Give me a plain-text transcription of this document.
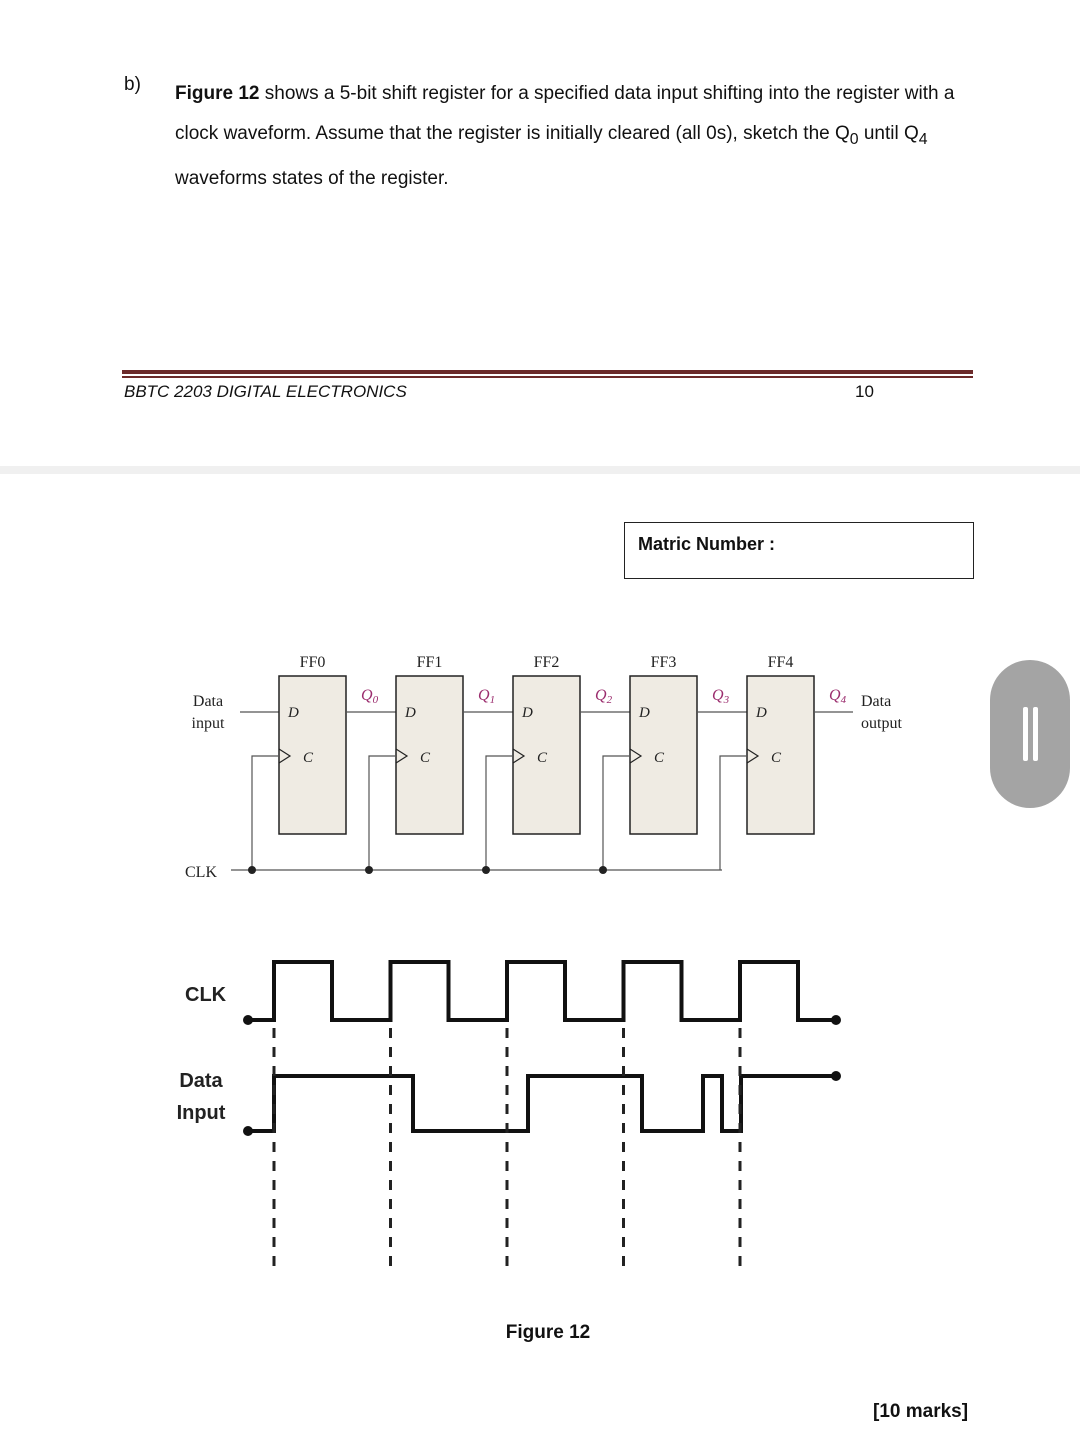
b) Figure 12 shows a 5-bit shift register for a specified data input shifting into the register with a clock waveform. Assume that the register is initially cleared (all 0s), sketch the $Q_0$ until $Q_4$ waveforms states of the register.
BBTC 2203 DIGITAL ELECTRONICS	10
Matric Number :
Data
input
Data
output
CLK
FF0
D
C
Q0
FF1
D
C
Q1
FF2
D
C
Q2
FF3
D
C
Q3
FF4
D
C
Q4
CLK
Data
Input
Figure 12
[10 marks]
